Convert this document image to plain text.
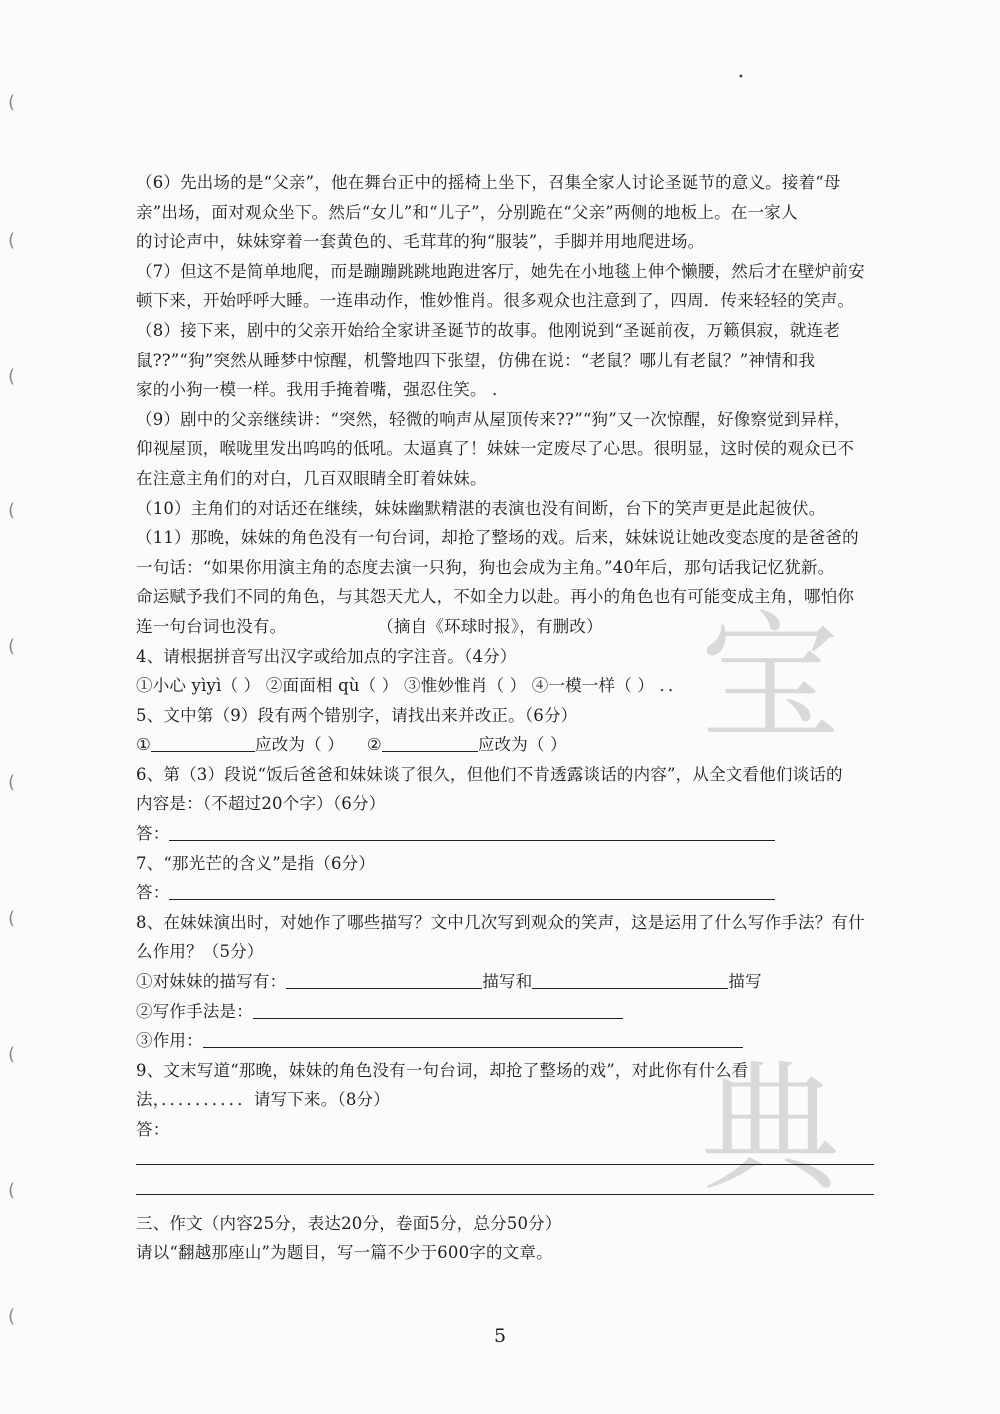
(
(
(
(
(
(
(
(
(
(
•
宝
典
（6）先出场的是“父亲”，他在舞台正中的摇椅上坐下，召集全家人讨论圣诞节的意义。接着“母
亲”出场，面对观众坐下。然后“女儿”和“儿子”，分别跪在“父亲”两侧的地板上。在一家人
的讨论声中，妹妹穿着一套黄色的、毛茸茸的狗“服装”，手脚并用地爬进场。
（7）但这不是简单地爬，而是蹦蹦跳跳地跑进客厅，她先在小地毯上伸个懒腰，然后才在壁炉前安
顿下来，开始呼呼大睡。一连串动作，惟妙惟肖。很多观众也注意到了，四周．传来轻轻的笑声。
（8）接下来，剧中的父亲开始给全家讲圣诞节的故事。他刚说到“圣诞前夜，万籁俱寂，就连老
鼠??”“狗”突然从睡梦中惊醒，机警地四下张望，仿佛在说：“老鼠？哪儿有老鼠？”神情和我
家的小狗一模一样。我用手掩着嘴，强忍住笑。 ．
（9）剧中的父亲继续讲：“突然，轻微的响声从屋顶传来??”“狗”又一次惊醒，好像察觉到异样，
仰视屋顶，喉咙里发出呜呜的低吼。太逼真了！妹妹一定废尽了心思。很明显，这时侯的观众已不
在注意主角们的对白，几百双眼睛全盯着妹妹。
（10）主角们的对话还在继续，妹妹幽默精湛的表演也没有间断，台下的笑声更是此起彼伏。
（11）那晚，妹妹的角色没有一句台词，却抢了整场的戏。后来，妹妹说让她改变态度的是爸爸的
一句话：“如果你用演主角的态度去演一只狗，狗也会成为主角。”40年后，那句话我记忆犹新。
命运赋予我们不同的角色，与其怨天尤人，不如全力以赴。再小的角色也有可能变成主角，哪怕你
连一句台词也没有。	（摘自《环球时报》，有删改）
4、请根据拼音写出汉字或给加点的字注音。（4分）
①小心 yìyì（ ） ②面面相 qù（ ） ③惟妙惟肖（ ） ④一模一样（ ） ．．
5、文中第（9）段有两个错别字，请找出来并改正。（6分）
①	应改为（ ） ②	应改为（ ）
6、第（3）段说“饭后爸爸和妹妹谈了很久，但他们不肯透露谈话的内容”，从全文看他们谈话的
内容是：（不超过20个字）（6分）
答：
7、“那光芒的含义”是指（6分）
答：
8、在妹妹演出时，对她作了哪些描写？文中几次写到观众的笑声，这是运用了什么写作手法？有什
么作用？（5分）
①对妹妹的描写有：	描写和	描写
②写作手法是：
③作用：
9、文末写道“那晚，妹妹的角色没有一句台词，却抢了整场的戏”，对此你有什么看
法，．．．．．．．．．．请写下来。（8分）
答：
三、作文（内容25分，表达20分，卷面5分，总分50分）
请以“翻越那座山”为题目，写一篇不少于600字的文章。
5
